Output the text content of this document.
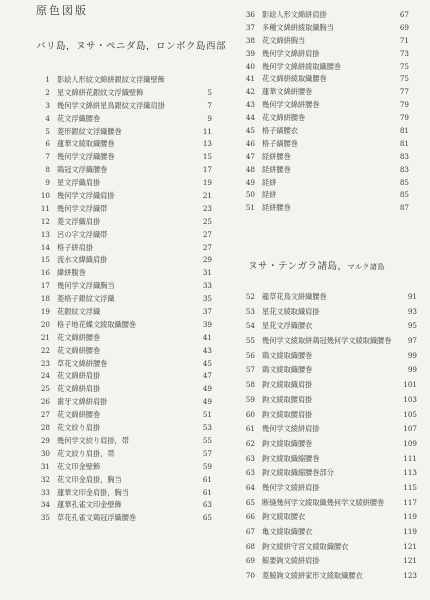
原色図版
バリ島，ヌサ・ペニダ島，ロンボク島西部
ヌサ・テンガラ諸島，マルク諸島
1 影絵人形紋文綿絣銀紋文浮織壁飾
2 星文綿絣花銀紋文浮織壁飾	5
3 幾何学文綿絣星鳥銀紋文浮織肩掛	7
4 花文浮織腰巻	9
5 菱形銀紋文浮織腰巻	11
6 蓮華文綾取織腰巻	13
7 幾何学文浮織腰巻	15
8 鶏冠文浮織腰巻	17
9 星文浮織肩掛	19
10 幾何学文浮織肩掛	21
11 幾何学文浮織帯	23
12 菱文浮織肩掛	25
13 呂の字文浮織帯	27
14 格子絣肩掛	27
15 流水文緯織肩掛	29
16 緯絣腹巻	31
17 幾何学文浮織胸当	33
18 菱格子銀紋文浮織	35
19 花銀紋文浮織	37
20 格子地花蝶文綾取織腰巻	39
21 花文綿絣腰巻	41
22 花文綿絣腰巻	43
23 草花文綿絣腰巻	45
24 花文綿絣肩掛	47
25 花文綿絣肩掛	49
26 歯牙文綿絣肩掛	49
27 花文綿絣腰巻	51
28 花文絞り肩掛	53
29 幾何学文絞り肩掛，帯	55
30 花文絞り肩掛，帯	57
31 花文印金壁飾	59
32 花文印金肩掛，胸当	61
33 蓮華文印金肩掛，胸当	61
34 蓮華孔雀文印金壁飾	63
35 草花孔雀文鶏冠浮織腰巻	65
36 影絵人形文綿絣肩掛	67
37 多種文綿絣綾取織胸当	69
38 花文綿絣胸当	71
39 幾何学文綿絣肩掛	73
40 幾何学文綿絣綾取織腰巻	75
41 花文綿絣綾取織腰巻	75
42 蓮華文綿絣腰巻	77
43 幾何学文綿絣腰巻	79
44 花文綿絣腰巻	79
45 格子縞腰衣	81
46 格子縞腰巻	81
47 経絣腰巻	83
48 経絣腰巻	83
49 経絣	85
50 経絣	85
51 経絣腰巻	87
52 龍草花鳥文絣織腰巻	91
53 星花文綾取織肩掛	93
54 星花文浮織腰衣	95
55 幾何学文綾取絣鶏冠幾何学文綾取織腰巻	97
56 鶏文綾取織腰巻	99
57 鶏文綾取織腰巻	99
58 鉤文綾取織肩掛	101
59 鉤文綾取腰肩掛	103
60 鉤文綾取腰肩掛	105
61 幾何学文綾絣肩掛	107
62 鉤文綾取織腰巻	109
63 鉤文綾取織縮腰巻	111
63 鉤文綾取織縮腰巻部分	113
64 幾何学文綾絣肩掛	115
65 断縫幾何学文綾取織幾何学文綾絣腰巻	117
66 鉤文綾取腰衣	119
67 亀文綾取織腰衣	119
68 鉤文綾絣守宮文綾取織腰衣	121
69 鯨要鉤文綾絣肩掛	121
70 菱鯨鉤文綾絣家形文綾取織腰衣	123
